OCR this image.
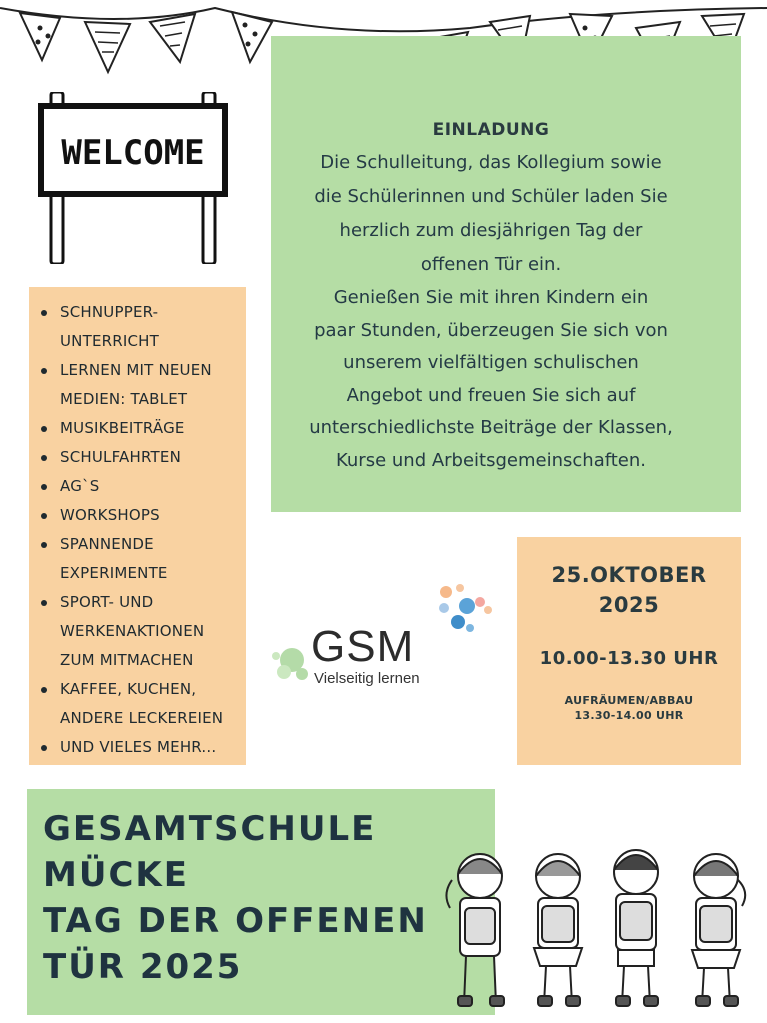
WELCOME
EINLADUNG
Die Schulleitung, das Kollegium sowie
die Schülerinnen und Schüler laden Sie
herzlich zum diesjährigen Tag der
offenen Tür ein.
Genießen Sie mit ihren Kindern ein
paar Stunden, überzeugen Sie sich von
unserem vielfältigen schulischen
Angebot und freuen Sie sich auf
unterschiedlichste Beiträge der Klassen,
Kurse und Arbeitsgemeinschaften.
SCHNUPPER-
UNTERRICHT
LERNEN MIT NEUEN
MEDIEN: TABLET
MUSIKBEITRÄGE
SCHULFAHRTEN
AG`S
WORKSHOPS
SPANNENDE
EXPERIMENTE
SPORT- UND
WERKENAKTIONEN
ZUM MITMACHEN
KAFFEE, KUCHEN,
ANDERE LECKEREIEN
UND VIELES MEHR...
GSM
Vielseitig lernen
25.OKTOBER
2025
10.00-13.30 UHR
AUFRÄUMEN/ABBAU
13.30-14.00 UHR
GESAMTSCHULE
MÜCKE
TAG DER OFFENEN
TÜR 2025
